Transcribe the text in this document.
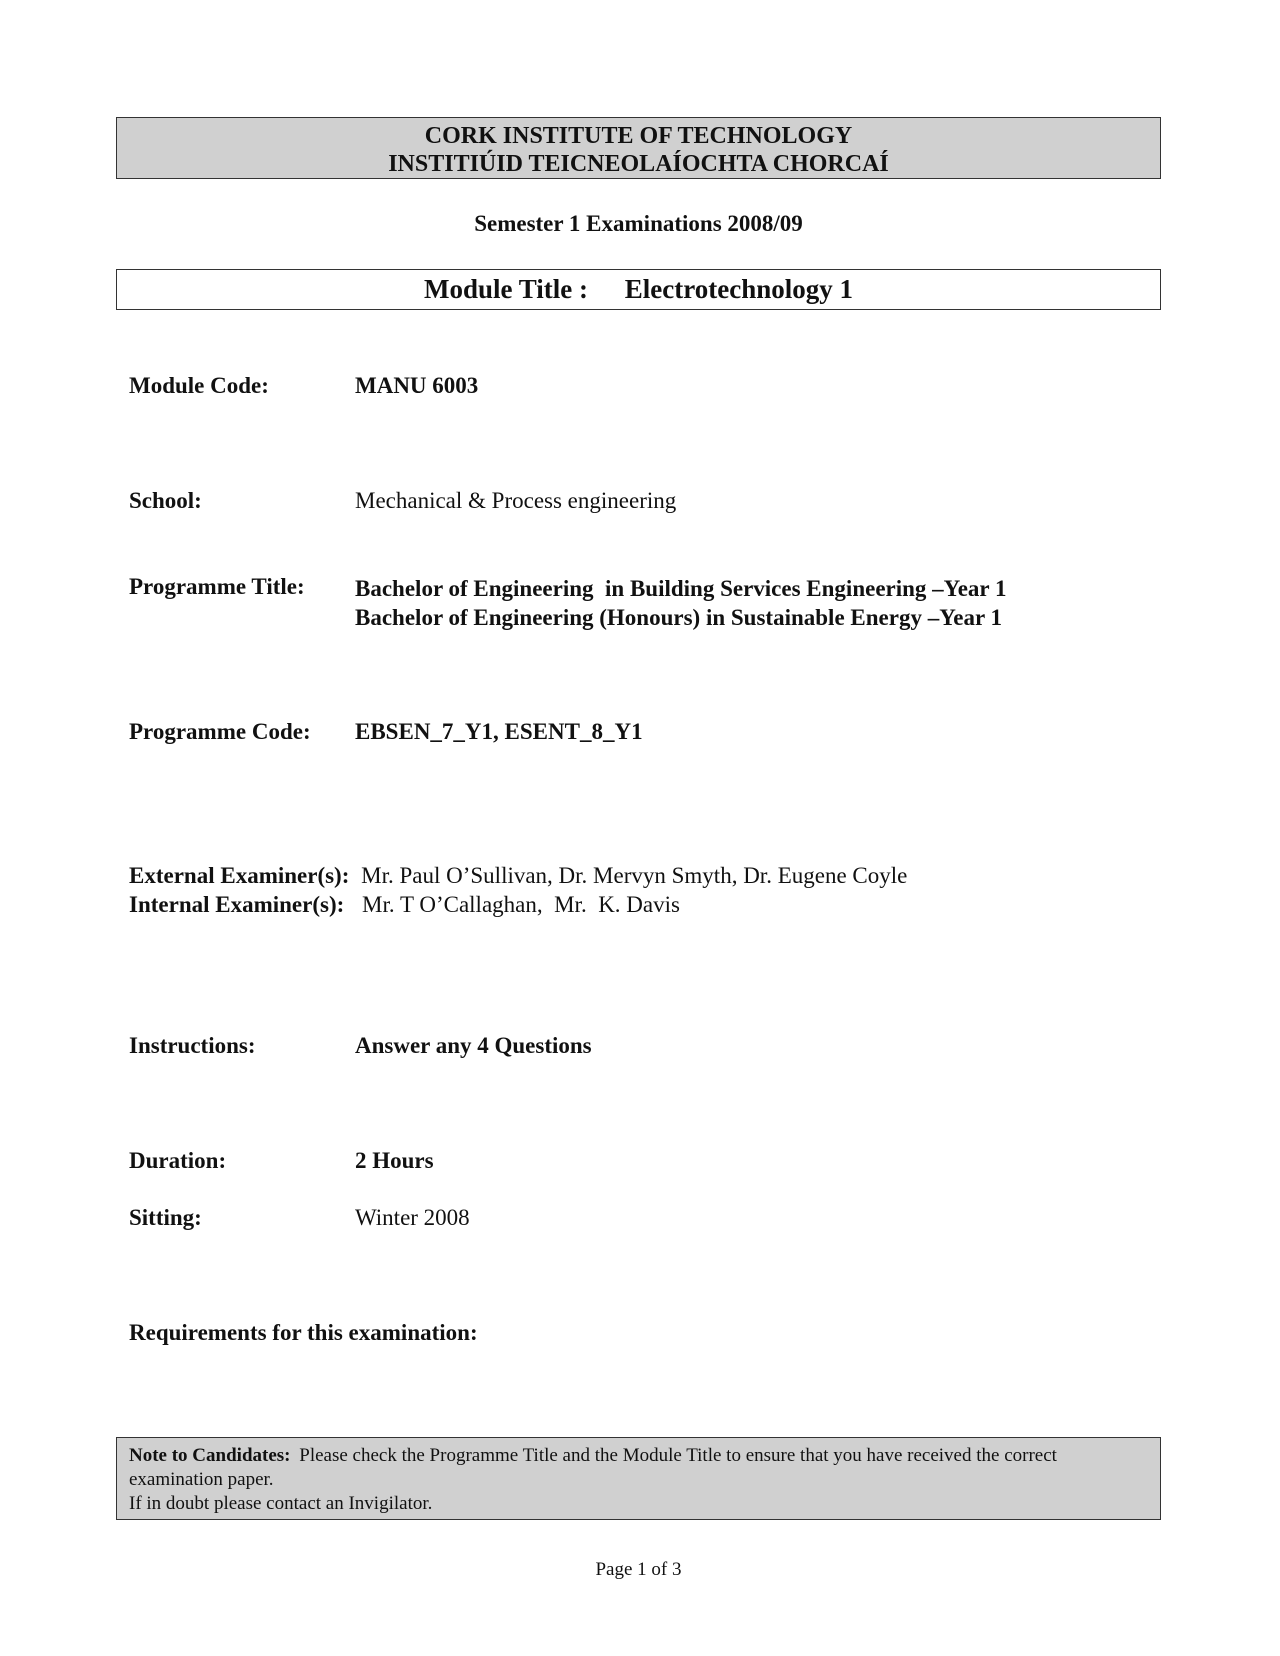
CORK INSTITUTE OF TECHNOLOGY
INSTITIÚID TEICNEOLAÍOCHTA CHORCAÍ
Semester 1 Examinations 2008/09
Module Title : Electrotechnology 1
Module Code:	MANU 6003
School:	Mechanical & Process engineering
Programme Title: Bachelor of Engineering  in Building Services Engineering –Year 1
Bachelor of Engineering (Honours) in Sustainable Energy –Year 1
Programme Code: EBSEN_7_Y1, ESENT_8_Y1
External Examiner(s): Mr. Paul O’Sullivan, Dr. Mervyn Smyth, Dr. Eugene Coyle
Internal Examiner(s): Mr. T O’Callaghan,  Mr.  K. Davis
Instructions:	Answer any 4 Questions
Duration:	2 Hours
Sitting:	Winter 2008
Requirements for this examination:
Note to Candidates: Please check the Programme Title and the Module Title to ensure that you have received the correct examination paper.
If in doubt please contact an Invigilator.
Page 1 of 3
